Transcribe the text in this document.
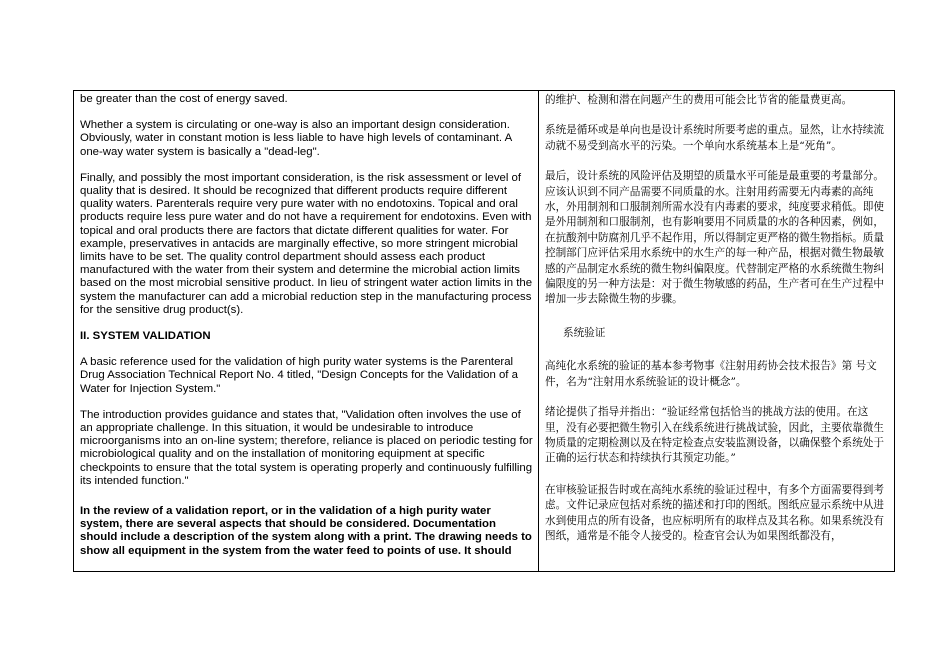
be greater than the cost of energy saved.
Whether a system is circulating or one-way is also an important design consideration. Obviously, water in constant motion is less liable to have high levels of contaminant. A one-way water system is basically a "dead-leg".
Finally, and possibly the most important consideration, is the risk assessment or level of quality that is desired. It should be recognized that different products require different quality waters. Parenterals require very pure water with no endotoxins. Topical and oral products require less pure water and do not have a requirement for endotoxins. Even with topical and oral products there are factors that dictate different qualities for water. For example, preservatives in antacids are marginally effective, so more stringent microbial limits have to be set. The quality control department should assess each product manufactured with the water from their system and determine the microbial action limits based on the most microbial sensitive product. In lieu of stringent water action limits in the system the manufacturer can add a microbial reduction step in the manufacturing process for the sensitive drug product(s).
II. SYSTEM VALIDATION
A basic reference used for the validation of high purity water systems is the Parenteral Drug Association Technical Report No. 4 titled, "Design Concepts for the Validation of a Water for Injection System."
The introduction provides guidance and states that, "Validation often involves the use of an appropriate challenge. In this situation, it would be undesirable to introduce microorganisms into an on-line system; therefore, reliance is placed on periodic testing for microbiological quality and on the installation of monitoring equipment at specific checkpoints to ensure that the total system is operating properly and continuously fulfilling its intended function."
In the review of a validation report, or in the validation of a high purity water system, there are several aspects that should be considered. Documentation should include a description of the system along with a print. The drawing needs to show all equipment in the system from the water feed to points of use. It should

的维护、检测和潜在问题产生的费用可能会比节省的能量费更高。
系统是循环或是单向也是设计系统时所要考虑的重点。显然，让水持续流动就不易受到高水平的污染。一个单向水系统基本上是“死角”。
最后，设计系统的风险评估及期望的质量水平可能是最重要的考量部分。应该认识到不同产品需要不同质量的水。注射用药需要无内毒素的高纯水，外用制剂和口服制剂所需水没有内毒素的要求，纯度要求稍低。即使是外用制剂和口服制剂，也有影响要用不同质量的水的各种因素，例如，在抗酸剂中防腐剂几乎不起作用，所以得制定更严格的微生物指标。质量控制部门应评估采用水系统中的水生产的每一种产品，根据对微生物最敏感的产品制定水系统的微生物纠偏限度。代替制定严格的水系统微生物纠偏限度的另一种方法是：对于微生物敏感的药品，生产者可在生产过程中增加一步去除微生物的步骤。
系统验证
高纯化水系统的验证的基本参考物事《注射用药协会技术报告》第 号文件，名为“注射用水系统验证的设计概念”。
绪论提供了指导并指出：“验证经常包括恰当的挑战方法的使用。在这里，没有必要把微生物引入在线系统进行挑战试验，因此，主要依靠微生物质量的定期检测以及在特定检查点安装监测设备，以确保整个系统处于正确的运行状态和持续执行其预定功能。”
在审核验证报告时或在高纯水系统的验证过程中，有多个方面需要得到考虑。文件记录应包括对系统的描述和打印的图纸。图纸应显示系统中从进水到使用点的所有设备，也应标明所有的取样点及其名称。如果系统没有图纸，通常是不能令人接受的。检查官会认为如果图纸都没有，
